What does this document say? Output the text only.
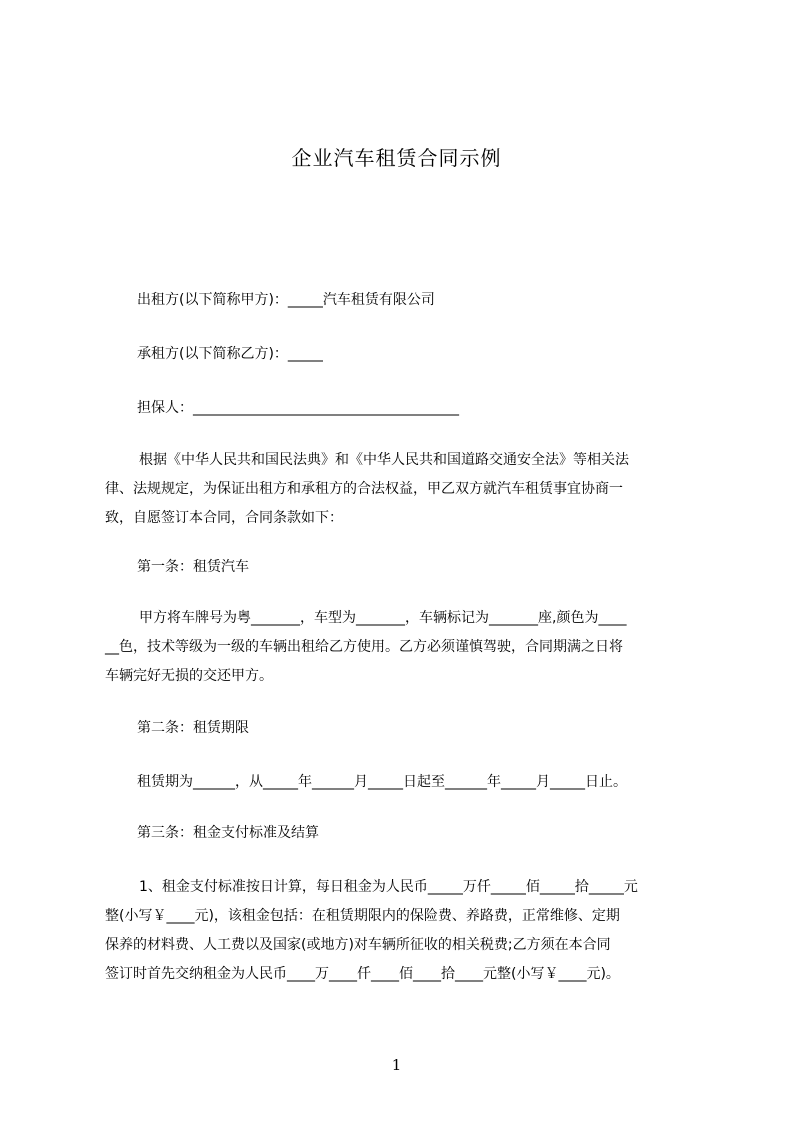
企业汽车租赁合同示例
出租方(以下简称甲方)：_____汽车租赁有限公司
承租方(以下简称乙方)：_____
担保人：______________________________________
根据《中华人民共和国民法典》和《中华人民共和国道路交通安全法》等相关法
律、法规规定，为保证出租方和承租方的合法权益，甲乙双方就汽车租赁事宜协商一
致，自愿签订本合同，合同条款如下：
第一条：租赁汽车
甲方将车牌号为粤_______，车型为_______，车辆标记为_______座,颜色为____
__色，技术等级为一级的车辆出租给乙方使用。乙方必须谨慎驾驶，合同期满之日将
车辆完好无损的交还甲方。
第二条：租赁期限
租赁期为______，从_____年______月_____日起至______年_____月_____日止。
第三条：租金支付标准及结算
1、租金支付标准按日计算，每日租金为人民币_____万仟_____佰_____拾_____元
整(小写￥____元)，该租金包括：在租赁期限内的保险费、养路费，正常维修、定期
保养的材料费、人工费以及国家(或地方)对车辆所征收的相关税费;乙方须在本合同
签订时首先交纳租金为人民币____万____仟____佰____拾____元整(小写￥____元)。
1
